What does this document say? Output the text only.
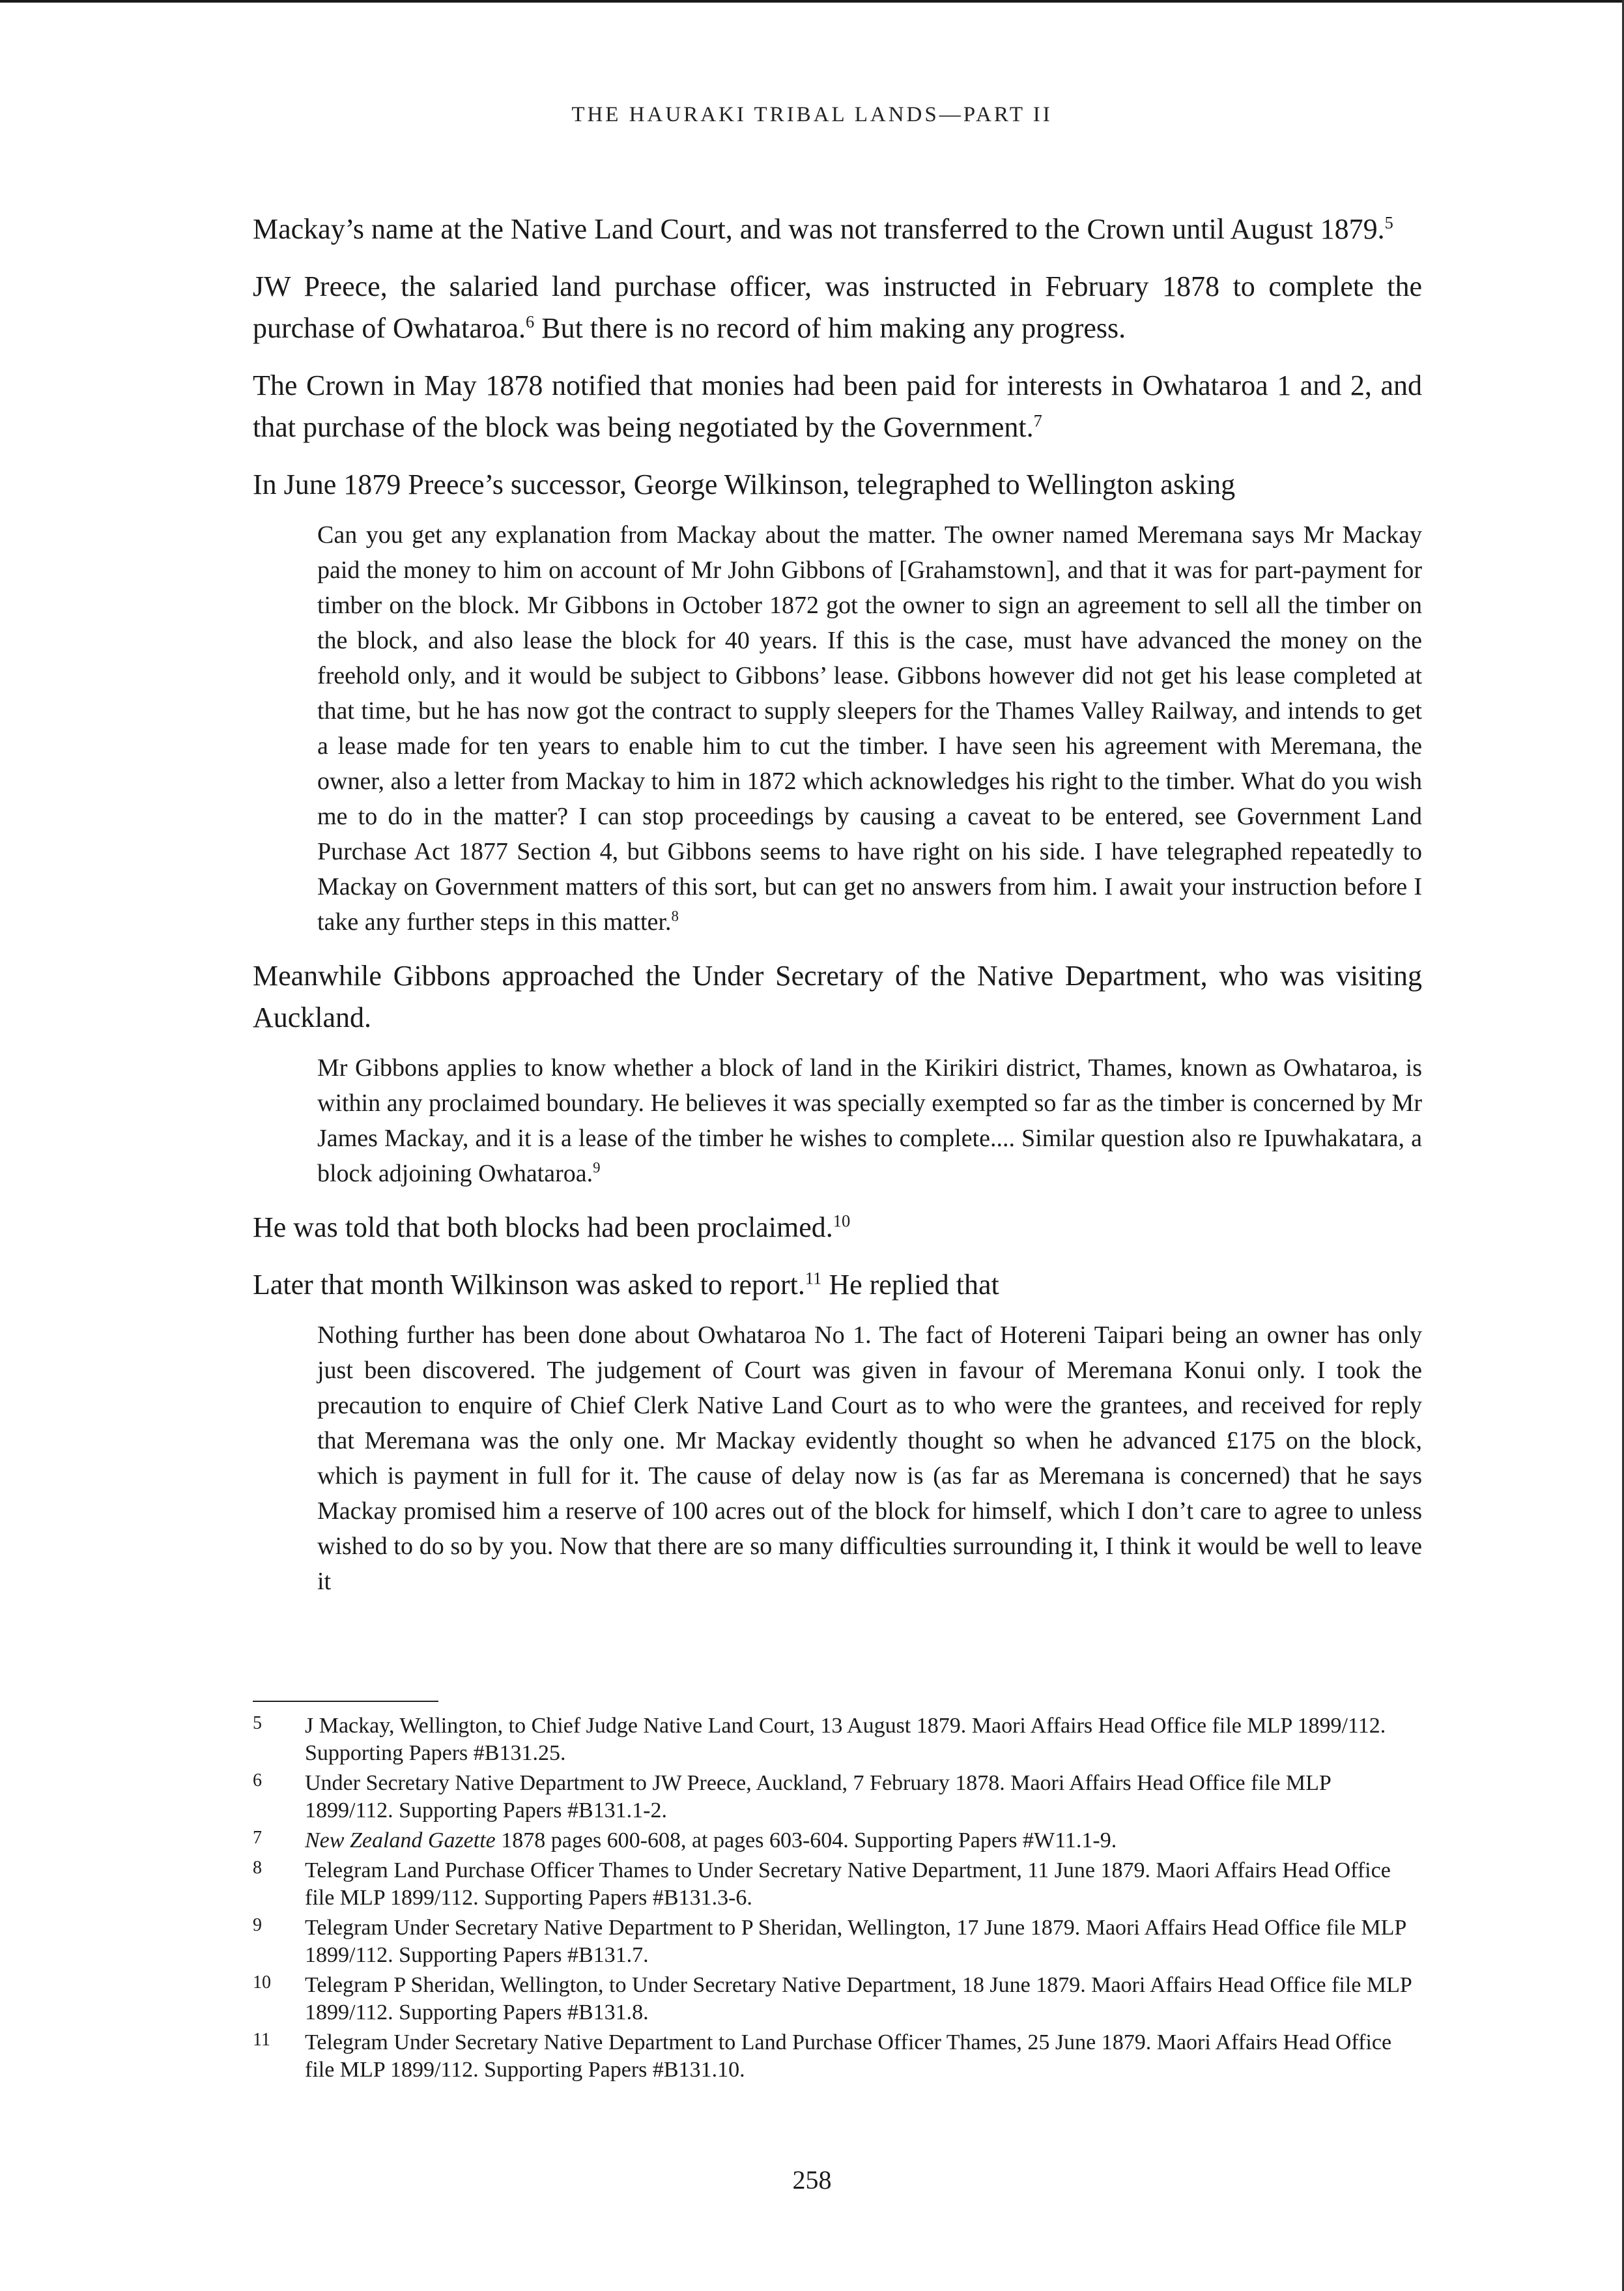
THE HAURAKI TRIBAL LANDS—PART II

Mackay’s name at the Native Land Court, and was not transferred to the Crown until August 1879.$^5$

JW Preece, the salaried land purchase officer, was instructed in February 1878 to complete the purchase of Owhataroa.$^6$ But there is no record of him making any progress.

The Crown in May 1878 notified that monies had been paid for interests in Owhataroa 1 and 2, and that purchase of the block was being negotiated by the Government.$^7$

In June 1879 Preece’s successor, George Wilkinson, telegraphed to Wellington asking

Can you get any explanation from Mackay about the matter. The owner named Meremana says Mr Mackay paid the money to him on account of Mr John Gibbons of [Grahamstown], and that it was for part-payment for timber on the block. Mr Gibbons in October 1872 got the owner to sign an agreement to sell all the timber on the block, and also lease the block for 40 years. If this is the case, must have advanced the money on the freehold only, and it would be subject to Gibbons’ lease. Gibbons however did not get his lease completed at that time, but he has now got the contract to supply sleepers for the Thames Valley Railway, and intends to get a lease made for ten years to enable him to cut the timber. I have seen his agreement with Meremana, the owner, also a letter from Mackay to him in 1872 which acknowledges his right to the timber. What do you wish me to do in the matter? I can stop proceedings by causing a caveat to be entered, see Government Land Purchase Act 1877 Section 4, but Gibbons seems to have right on his side. I have telegraphed repeatedly to Mackay on Government matters of this sort, but can get no answers from him. I await your instruction before I take any further steps in this matter.$^8$

Meanwhile Gibbons approached the Under Secretary of the Native Department, who was visiting Auckland.

Mr Gibbons applies to know whether a block of land in the Kirikiri district, Thames, known as Owhataroa, is within any proclaimed boundary. He believes it was specially exempted so far as the timber is concerned by Mr James Mackay, and it is a lease of the timber he wishes to complete.... Similar question also re Ipuwhakatara, a block adjoining Owhataroa.$^9$

He was told that both blocks had been proclaimed.$^{10}$

Later that month Wilkinson was asked to report.$^{11}$ He replied that

Nothing further has been done about Owhataroa No 1. The fact of Hotereni Taipari being an owner has only just been discovered. The judgement of Court was given in favour of Meremana Konui only. I took the precaution to enquire of Chief Clerk Native Land Court as to who were the grantees, and received for reply that Meremana was the only one. Mr Mackay evidently thought so when he advanced £175 on the block, which is payment in full for it. The cause of delay now is (as far as Meremana is concerned) that he says Mackay promised him a reserve of 100 acres out of the block for himself, which I don’t care to agree to unless wished to do so by you. Now that there are so many difficulties surrounding it, I think it would be well to leave it

5 J Mackay, Wellington, to Chief Judge Native Land Court, 13 August 1879. Maori Affairs Head Office file MLP 1899/112. Supporting Papers #B131.25.
6 Under Secretary Native Department to JW Preece, Auckland, 7 February 1878. Maori Affairs Head Office file MLP 1899/112. Supporting Papers #B131.1-2.
7 New Zealand Gazette 1878 pages 600-608, at pages 603-604. Supporting Papers #W11.1-9.
8 Telegram Land Purchase Officer Thames to Under Secretary Native Department, 11 June 1879. Maori Affairs Head Office file MLP 1899/112. Supporting Papers #B131.3-6.
9 Telegram Under Secretary Native Department to P Sheridan, Wellington, 17 June 1879. Maori Affairs Head Office file MLP 1899/112. Supporting Papers #B131.7.
10 Telegram P Sheridan, Wellington, to Under Secretary Native Department, 18 June 1879. Maori Affairs Head Office file MLP 1899/112. Supporting Papers #B131.8.
11 Telegram Under Secretary Native Department to Land Purchase Officer Thames, 25 June 1879. Maori Affairs Head Office file MLP 1899/112. Supporting Papers #B131.10.
258
